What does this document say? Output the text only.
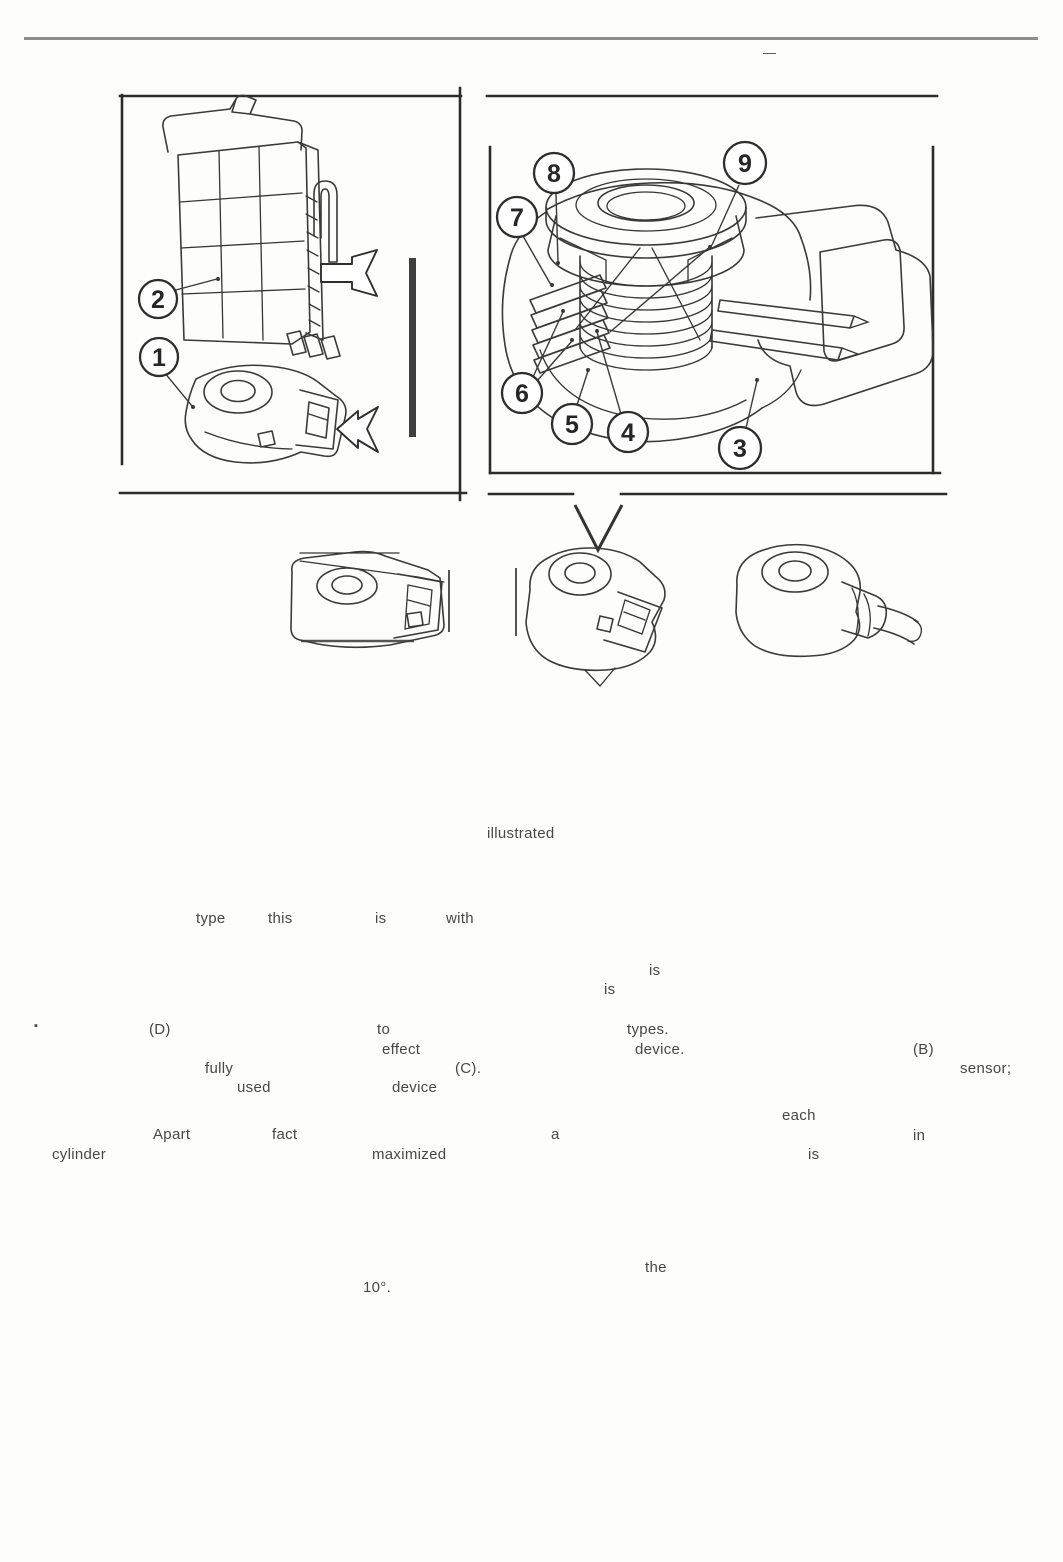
2
1
8	9
7
6
5 4
3
—
illustrated
type	this	is	with
is
is
▪	(D)	to	types.
effect	device.	(B)
fully	(C).	sensor;
used	device
each
Apart	fact	a	in
cylinder	maximized	is
the
10°.
